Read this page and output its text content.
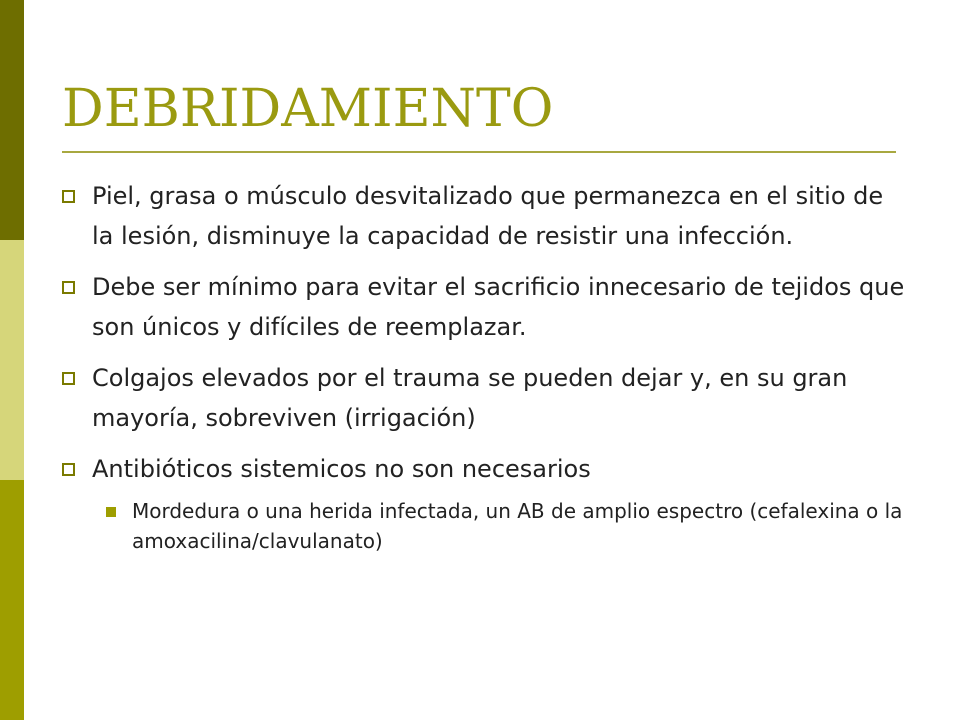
DEBRIDAMIENTO
Piel, grasa o músculo desvitalizado que permanezca en el sitio de la lesión, disminuye la capacidad de resistir una infección.
Debe ser mínimo para evitar el sacrificio innecesario de tejidos que son únicos y difíciles de reemplazar.
Colgajos elevados por el trauma se pueden dejar y, en su gran mayoría, sobreviven (irrigación)
Antibióticos sistemicos no son necesarios
Mordedura o una herida infectada, un AB de amplio espectro (cefalexina o la amoxacilina/clavulanato)
